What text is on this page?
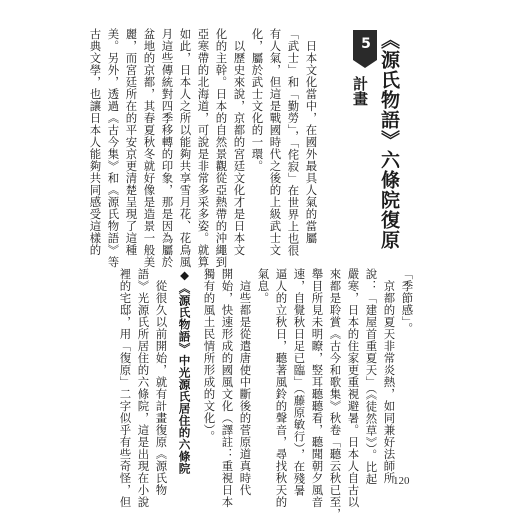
日本文化當中，在國外最具人氣的當屬
「武士」和「勤勞」，「侘寂」在世界上也很
有人氣，但這是戰國時代之後的上級武士文
化，屬於武士文化的一環。
以歷史來說，京都的宮廷文化才是日本文
化的主幹。日本的自然景觀從亞熱帶的沖繩到
亞寒帶的北海道，可說是非常多采多姿。就算
如此，日本人之所以能夠共享雪月花、花鳥風
月這些傳統對四季移轉的印象，那是因為屬於
盆地的京都，其春夏秋冬就好像是造景一般美
麗，而宮廷所在的平安京更清楚呈現了這種
美。另外，透過《古今集》和《源氏物語》等
古典文學，也讓日本人能夠共同感受這樣的	5
計畫 《源氏物語》六條院復原
「季節感」。
京都的夏天非常炎熱，如同兼好法師所
說：「建屋首重夏天」（《徒然草》）。比起
嚴寒，日本的住家更重視避暑。日本人自古以
來都是聆賞《古今和歌集》秋卷「聽云秋已至，
舉目所見未明瞭，竪耳聽聽看，聽聞朝夕風音
速，自覺秋日足已臨」（藤原敏行），在殘暑
逼人的立秋日，聽著風鈴的聲音，尋找秋天的
氣息。
這些都是從遣唐使中斷後的菅原道真時代
開始，快速形成的國風文化（譯註：重視日本
獨有的風土民情所形成的文化）。
◆《源氏物語》中光源氏居住的六條院
從很久以前開始，就有計畫復原《源氏物
語》光源氏所居住的六條院，這是出現在小說
裡的宅邸，用「復原」二字似乎有些奇怪，但	120
